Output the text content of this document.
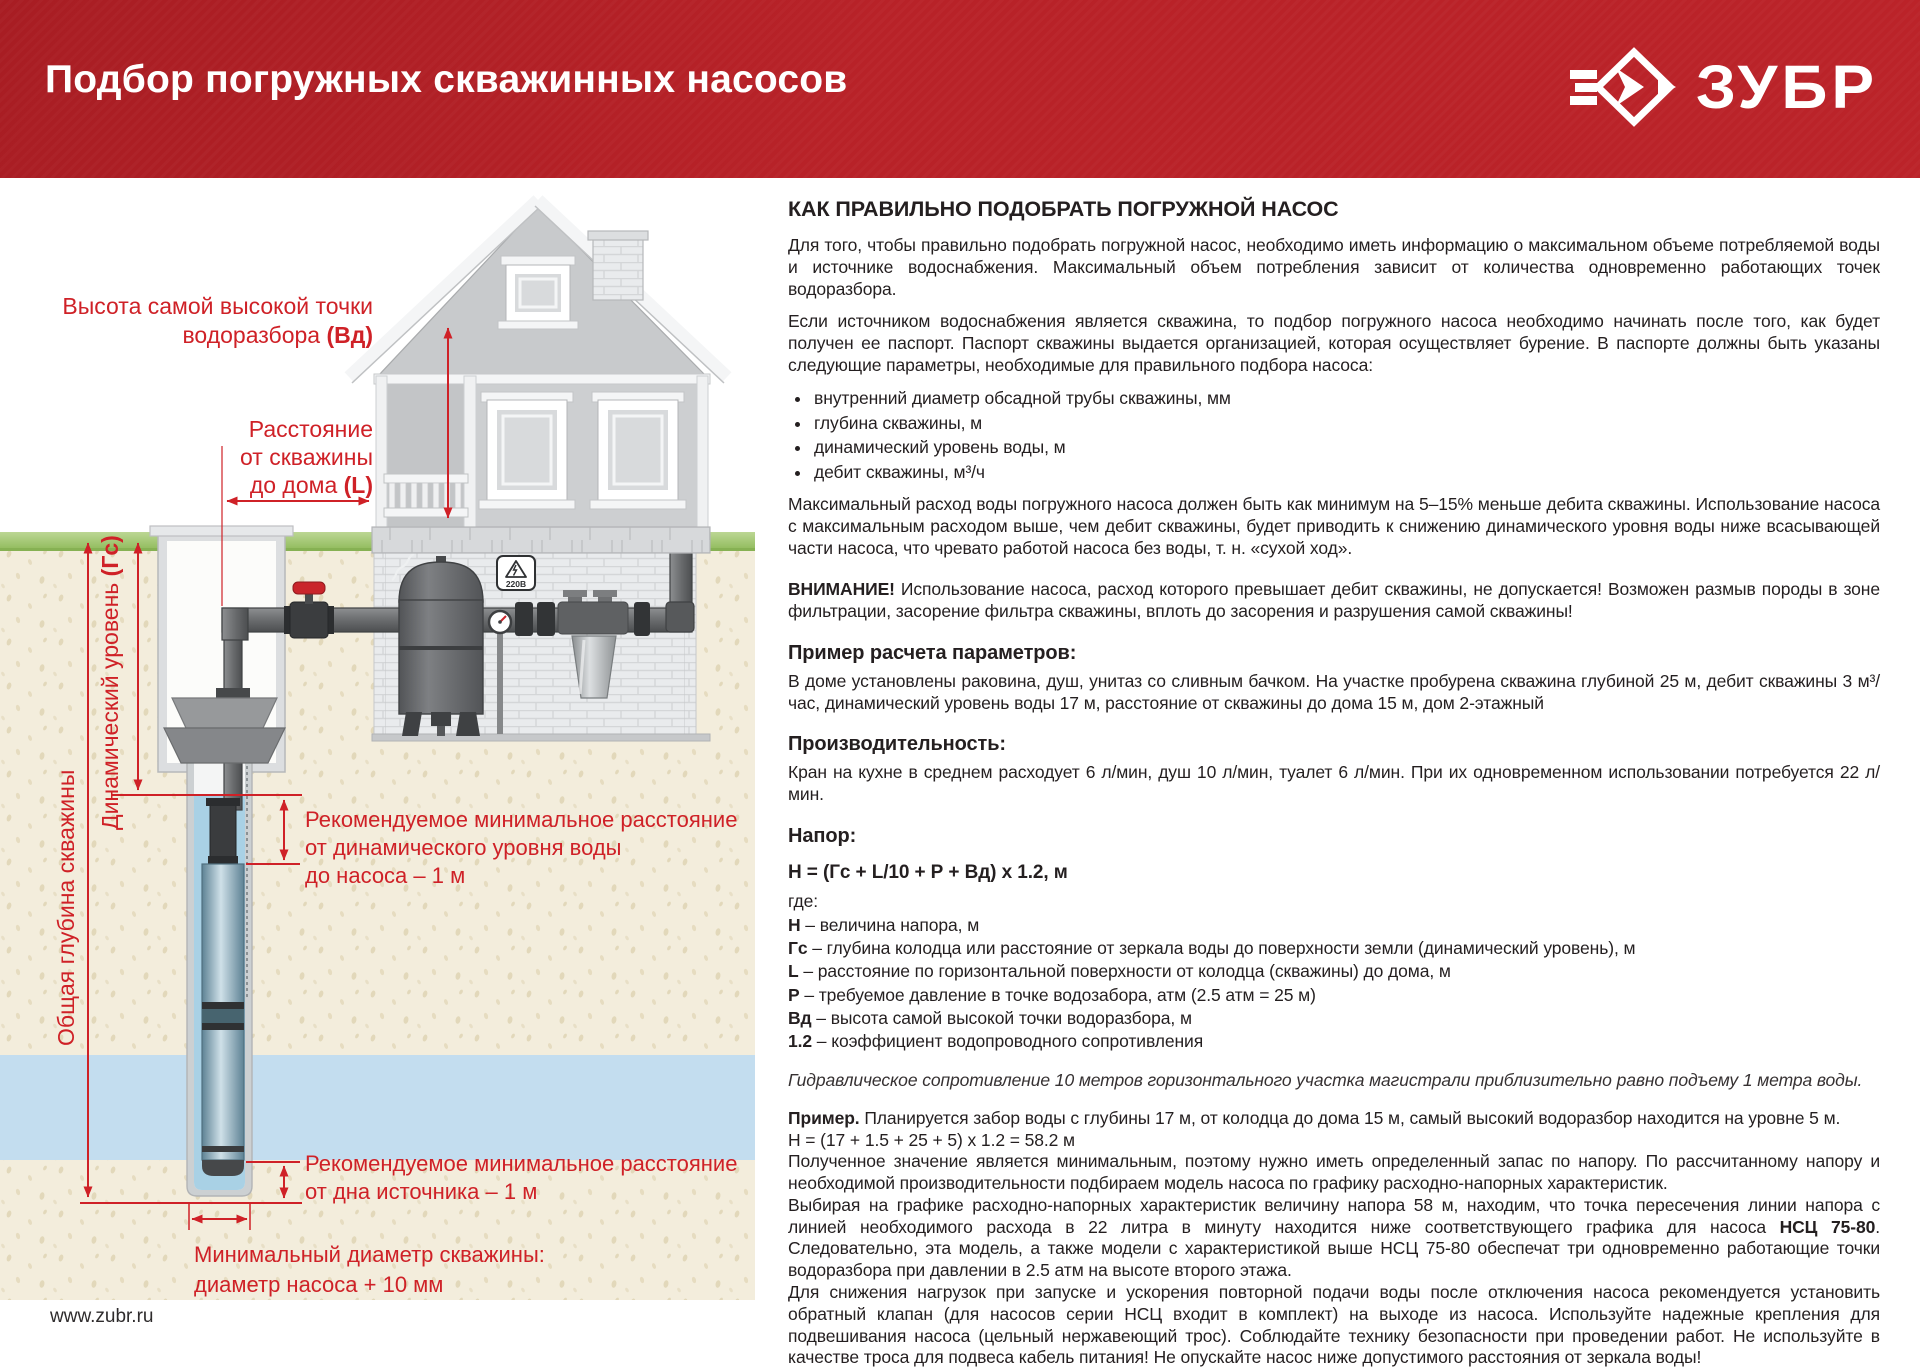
Подбор погружных скважинных насосов	ЗУБР
220В
Высота самой высокой точки
водоразбора (Вд)
Расстояние
от скважины
до дома (L)
Динамический уровень (Гс)
Общая глубина скважины	Рекомендуемое минимальное расстояние
от динамического уровня воды
до насоса – 1 м
Рекомендуемое минимальное расстояние
от дна источника – 1 м
Минимальный диаметр скважины:
диаметр насоса + 10 мм
КАК ПРАВИЛЬНО ПОДОБРАТЬ ПОГРУЖНОЙ НАСОС

Для того, чтобы правильно подобрать погружной насос, необходимо иметь информацию о максимальном объеме потребляемой воды и источнике водоснабжения. Максимальный объем потребления зависит от количества одновременно работающих точек водоразбора.

Если источником водоснабжения является скважина, то подбор погружного насоса необходимо начинать после того, как будет получен ее паспорт. Паспорт скважины выдается организацией, которая осуществляет бурение. В паспорте должны быть указаны следующие параметры, необходимые для правильного подбора насоса:

• внутренний диаметр обсадной трубы скважины, мм
• глубина скважины, м
• динамический уровень воды, м
• дебит скважины, м³/ч

Максимальный расход воды погружного насоса должен быть как минимум на 5–15% меньше дебита скважины. Использование насоса с максимальным расходом выше, чем дебит скважины, будет приводить к снижению динамического уровня воды ниже всасывающей части насоса, что чревато работой насоса без воды, т. н. «сухой ход».

ВНИМАНИЕ! Использование насоса, расход которого превышает дебит скважины, не допускается! Возможен размыв породы в зоне фильтрации, засорение фильтра скважины, вплоть до засорения и разрушения самой скважины!

Пример расчета параметров:

В доме установлены раковина, душ, унитаз со сливным бачком. На участке пробурена скважина глубиной 25 м, дебит скважины 3 м³/час, динамический уровень воды 17 м, расстояние от скважины до дома 15 м, дом 2-этажный

Производительность:

Кран на кухне в среднем расходует 6 л/мин, душ 10 л/мин, туалет 6 л/мин. При их одновременном использовании потребуется 22 л/мин.

Напор:
Н = (Гс + L/10 + Р + Вд) x 1.2, м
где:
Н – величина напора, м
Гс – глубина колодца или расстояние от зеркала воды до поверхности земли (динамический уровень), м
L – расстояние по горизонтальной поверхности от колодца (скважины) до дома, м
Р – требуемое давление в точке водозабора, атм (2.5 атм = 25 м)
Вд – высота самой высокой точки водоразбора, м
1.2 – коэффициент водопроводного сопротивления
Гидравлическое сопротивление 10 метров горизонтального участка магистрали приблизительно равно подъему 1 метра воды.

Пример. Планируется забор воды с глубины 17 м, от колодца до дома 15 м, самый высокий водоразбор находится на уровне 5 м.

Н = (17 + 1.5 + 25 + 5) x 1.2 = 58.2 м

Полученное значение является минимальным, поэтому нужно иметь определенный запас по напору. По рассчитанному напору и необходимой производительности подбираем модель насоса по графику расходно-напорных характеристик.

Выбирая на графике расходно-напорных характеристик величину напора 58 м, находим, что точка пересечения линии напора с линией необходимого расхода в 22 литра в минуту находится ниже соответствующего графика для насоса НСЦ 75-80. Следовательно, эта модель, а также модели с характеристикой выше НСЦ 75-80 обеспечат три одновременно работающие точки водоразбора при давлении в 2.5 атм на высоте второго этажа.

Для снижения нагрузок при запуске и ускорения повторной подачи воды после отключения насоса рекомендуется установить обратный клапан (для насосов серии НСЦ входит в комплект) на выходе из насоса. Используйте надежные крепления для подвешивания насоса (цельный нержавеющий трос). Соблюдайте технику безопасности при проведении работ. Не используйте в качестве троса для подвеса кабель питания! Не опускайте насос ниже допустимого расстояния от зеркала воды!

www.zubr.ru
